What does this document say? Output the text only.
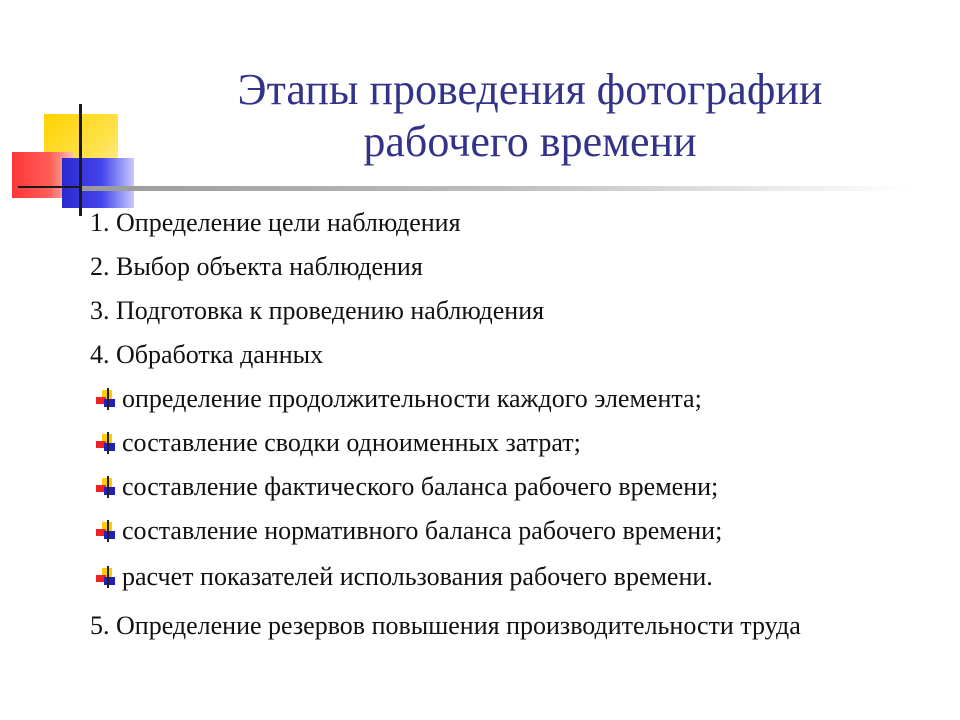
Этапы проведения фотографии
рабочего времени
1. Определение цели наблюдения
2. Выбор объекта наблюдения
3. Подготовка к проведению наблюдения
4. Обработка данных
определение продолжительности каждого элемента;
составление сводки одноименных затрат;
составление фактического баланса рабочего времени;
составление нормативного баланса рабочего времени;
расчет показателей использования рабочего времени.
5. Определение резервов повышения производительности труда
